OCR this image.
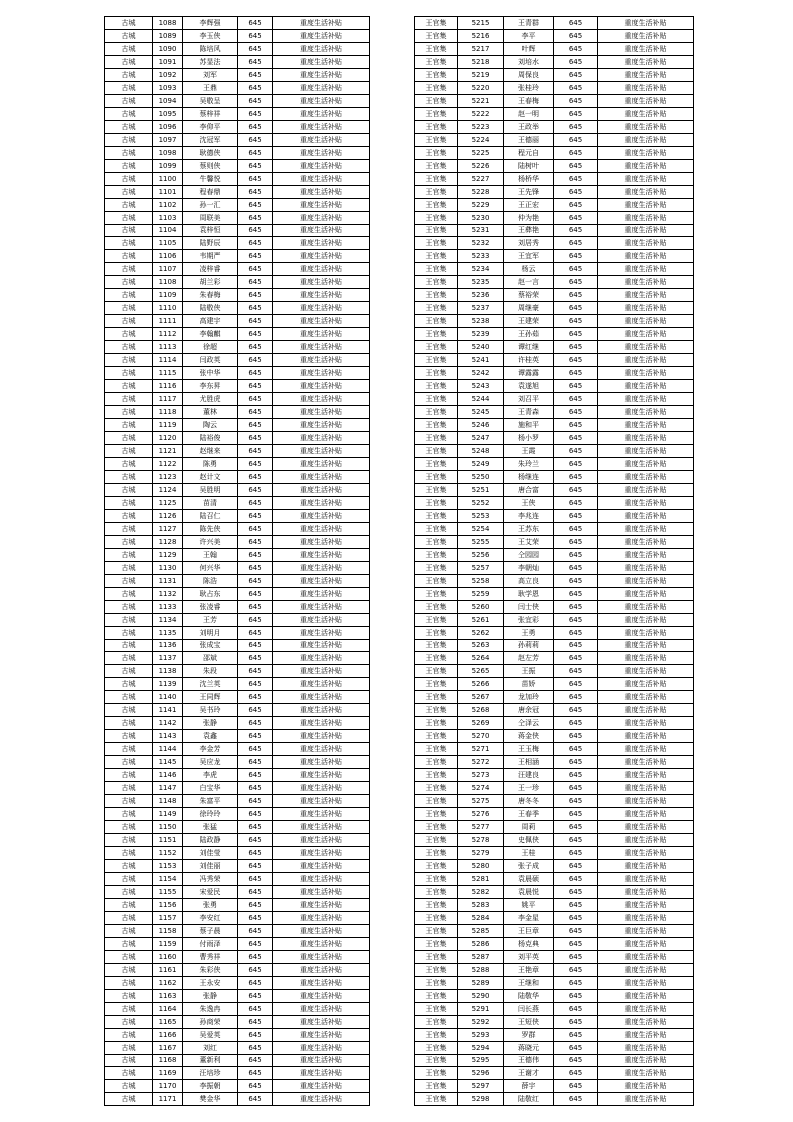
古城	1088	李辉强	645	重度生活补贴
古城	1089	李玉侠	645	重度生活补贴
古城	1090	陈培风	645	重度生活补贴
古城	1091	苏显法	645	重度生活补贴
古城	1092	刘军	645	重度生活补贴
古城	1093	王鼎	645	重度生活补贴
古城	1094	吴敬呈	645	重度生活补贴
古城	1095	蔡梓祥	645	重度生活补贴
古城	1096	李仰平	645	重度生活补贴
古城	1097	沈冠军	645	重度生活补贴
古城	1098	耿德侠	645	重度生活补贴
古城	1099	蔡则侠	645	重度生活补贴
古城	1100	牛馨悦	645	重度生活补贴
古城	1101	程春鼎	645	重度生活补贴
古城	1102	孙一汇	645	重度生活补贴
古城	1103	周联美	645	重度生活补贴
古城	1104	袁梓恒	645	重度生活补贴
古城	1105	陆野辰	645	重度生活补贴
古城	1106	韦期严	645	重度生活补贴
古城	1107	凌梓睿	645	重度生活补贴
古城	1108	胡兰彩	645	重度生活补贴
古城	1109	朱春梅	645	重度生活补贴
古城	1110	陆敬侠	645	重度生活补贴
古城	1111	高建宇	645	重度生活补贴
古城	1112	李翰麒	645	重度生活补贴
古城	1113	徐超	645	重度生活补贴
古城	1114	闫政英	645	重度生活补贴
古城	1115	张中华	645	重度生活补贴
古城	1116	李东昇	645	重度生活补贴
古城	1117	尤胜虎	645	重度生活补贴
古城	1118	董林	645	重度生活补贴
古城	1119	陶云	645	重度生活补贴
古城	1120	陆裕俊	645	重度生活补贴
古城	1121	赵继来	645	重度生活补贴
古城	1122	陈勇	645	重度生活补贴
古城	1123	赵计文	645	重度生活补贴
古城	1124	吴胜明	645	重度生活补贴
古城	1125	苗清	645	重度生活补贴
古城	1126	陆召仁	645	重度生活补贴
古城	1127	陈先侠	645	重度生活补贴
古城	1128	许兴美	645	重度生活补贴
古城	1129	王翰	645	重度生活补贴
古城	1130	何兴华	645	重度生活补贴
古城	1131	陈浩	645	重度生活补贴
古城	1132	耿占东	645	重度生活补贴
古城	1133	张凌睿	645	重度生活补贴
古城	1134	王芳	645	重度生活补贴
古城	1135	刘明月	645	重度生活补贴
古城	1136	张成宝	645	重度生活补贴
古城	1137	邵斌	645	重度生活补贴
古城	1138	朱段	645	重度生活补贴
古城	1139	沈兰英	645	重度生活补贴
古城	1140	王同辉	645	重度生活补贴
古城	1141	吴书玲	645	重度生活补贴
古城	1142	张静	645	重度生活补贴
古城	1143	袁鑫	645	重度生活补贴
古城	1144	李金芳	645	重度生活补贴
古城	1145	吴应龙	645	重度生活补贴
古城	1146	李虎	645	重度生活补贴
古城	1147	白宝华	645	重度生活补贴
古城	1148	朱富平	645	重度生活补贴
古城	1149	徐玲玲	645	重度生活补贴
古城	1150	张猛	645	重度生活补贴
古城	1151	陆政静	645	重度生活补贴
古城	1152	刘佳莹	645	重度生活补贴
古城	1153	刘佳丽	645	重度生活补贴
古城	1154	冯秀荣	645	重度生活补贴
古城	1155	宋爱民	645	重度生活补贴
古城	1156	张勇	645	重度生活补贴
古城	1157	李安红	645	重度生活补贴
古城	1158	蔡子晨	645	重度生活补贴
古城	1159	付雨泽	645	重度生活补贴
古城	1160	曹秀祥	645	重度生活补贴
古城	1161	朱彩侠	645	重度生活补贴
古城	1162	王永安	645	重度生活补贴
古城	1163	张静	645	重度生活补贴
古城	1164	朱逸冉	645	重度生活补贴
古城	1165	孙商荣	645	重度生活补贴
古城	1166	吴爱英	645	重度生活补贴
古城	1167	刘红	645	重度生活补贴
古城	1168	董新利	645	重度生活补贴
古城	1169	汪培珍	645	重度生活补贴
古城	1170	李振朝	645	重度生活补贴
古城	1171	樊金华	645	重度生活补贴
王官集	5215	王青群	645	重度生活补贴
王官集	5216	李平	645	重度生活补贴
王官集	5217	叶辉	645	重度生活补贴
王官集	5218	刘培水	645	重度生活补贴
王官集	5219	周保良	645	重度生活补贴
王官集	5220	张桂玲	645	重度生活补贴
王官集	5221	王春梅	645	重度生活补贴
王官集	5222	赵一明	645	重度生活补贴
王官集	5223	王政举	645	重度生活补贴
王官集	5224	王德丽	645	重度生活补贴
王官集	5225	程元自	645	重度生活补贴
王官集	5226	陆树叶	645	重度生活补贴
王官集	5227	杨桥华	645	重度生活补贴
王官集	5228	王先锋	645	重度生活补贴
王官集	5229	王正宏	645	重度生活补贴
王官集	5230	仲为艳	645	重度生活补贴
王官集	5231	王彝艳	645	重度生活补贴
王官集	5232	刘居秀	645	重度生活补贴
王官集	5233	王宜军	645	重度生活补贴
王官集	5234	杨云	645	重度生活补贴
王官集	5235	赵一言	645	重度生活补贴
王官集	5236	蔡裕荣	645	重度生活补贴
王官集	5237	周继豪	645	重度生活补贴
王官集	5238	王建荣	645	重度生活补贴
王官集	5239	王孙茹	645	重度生活补贴
王官集	5240	谭红继	645	重度生活补贴
王官集	5241	许桂英	645	重度生活补贴
王官集	5242	谭露露	645	重度生活补贴
王官集	5243	袁遂旭	645	重度生活补贴
王官集	5244	刘召平	645	重度生活补贴
王官集	5245	王青森	645	重度生活补贴
王官集	5246	施和平	645	重度生活补贴
王官集	5247	杨小罗	645	重度生活补贴
王官集	5248	王霞	645	重度生活补贴
王官集	5249	朱玲兰	645	重度生活补贴
王官集	5250	杨继连	645	重度生活补贴
王官集	5251	唐合富	645	重度生活补贴
王官集	5252	王侠	645	重度生活补贴
王官集	5253	李兆连	645	重度生活补贴
王官集	5254	王苏东	645	重度生活补贴
王官集	5255	王艾荣	645	重度生活补贴
王官集	5256	仝园园	645	重度生活补贴
王官集	5257	李朝灿	645	重度生活补贴
王官集	5258	高立良	645	重度生活补贴
王官集	5259	耿学恩	645	重度生活补贴
王官集	5260	闫士侠	645	重度生活补贴
王官集	5261	张宜彩	645	重度生活补贴
王官集	5262	王勇	645	重度生活补贴
王官集	5263	孙莉莉	645	重度生活补贴
王官集	5264	赵左芳	645	重度生活补贴
王官集	5265	王振	645	重度生活补贴
王官集	5266	苗娇	645	重度生活补贴
王官集	5267	龙加玲	645	重度生活补贴
王官集	5268	唐余冠	645	重度生活补贴
王官集	5269	仝泽云	645	重度生活补贴
王官集	5270	蒋金侠	645	重度生活补贴
王官集	5271	王玉梅	645	重度生活补贴
王官集	5272	王相涵	645	重度生活补贴
王官集	5273	汪建良	645	重度生活补贴
王官集	5274	王一珍	645	重度生活补贴
王官集	5275	唐冬冬	645	重度生活补贴
王官集	5276	王春季	645	重度生活补贴
王官集	5277	周莉	645	重度生活补贴
王官集	5278	史佩侠	645	重度生活补贴
王官集	5279	王桂	645	重度生活补贴
王官集	5280	张子成	645	重度生活补贴
王官集	5281	袁晨硕	645	重度生活补贴
王官集	5282	袁晨悦	645	重度生活补贴
王官集	5283	姚平	645	重度生活补贴
王官集	5284	李金星	645	重度生活补贴
王官集	5285	王巨章	645	重度生活补贴
王官集	5286	杨克典	645	重度生活补贴
王官集	5287	刘平英	645	重度生活补贴
王官集	5288	王艳章	645	重度生活补贴
王官集	5289	王继和	645	重度生活补贴
王官集	5290	陆敬华	645	重度生活补贴
王官集	5291	闫长燕	645	重度生活补贴
王官集	5292	王短侠	645	重度生活补贴
王官集	5293	罗群	645	重度生活补贴
王官集	5294	蒋晓元	645	重度生活补贴
王官集	5295	王德伟	645	重度生活补贴
王官集	5296	王谢才	645	重度生活补贴
王官集	5297	薛宇	645	重度生活补贴
王官集	5298	陆敬红	645	重度生活补贴
